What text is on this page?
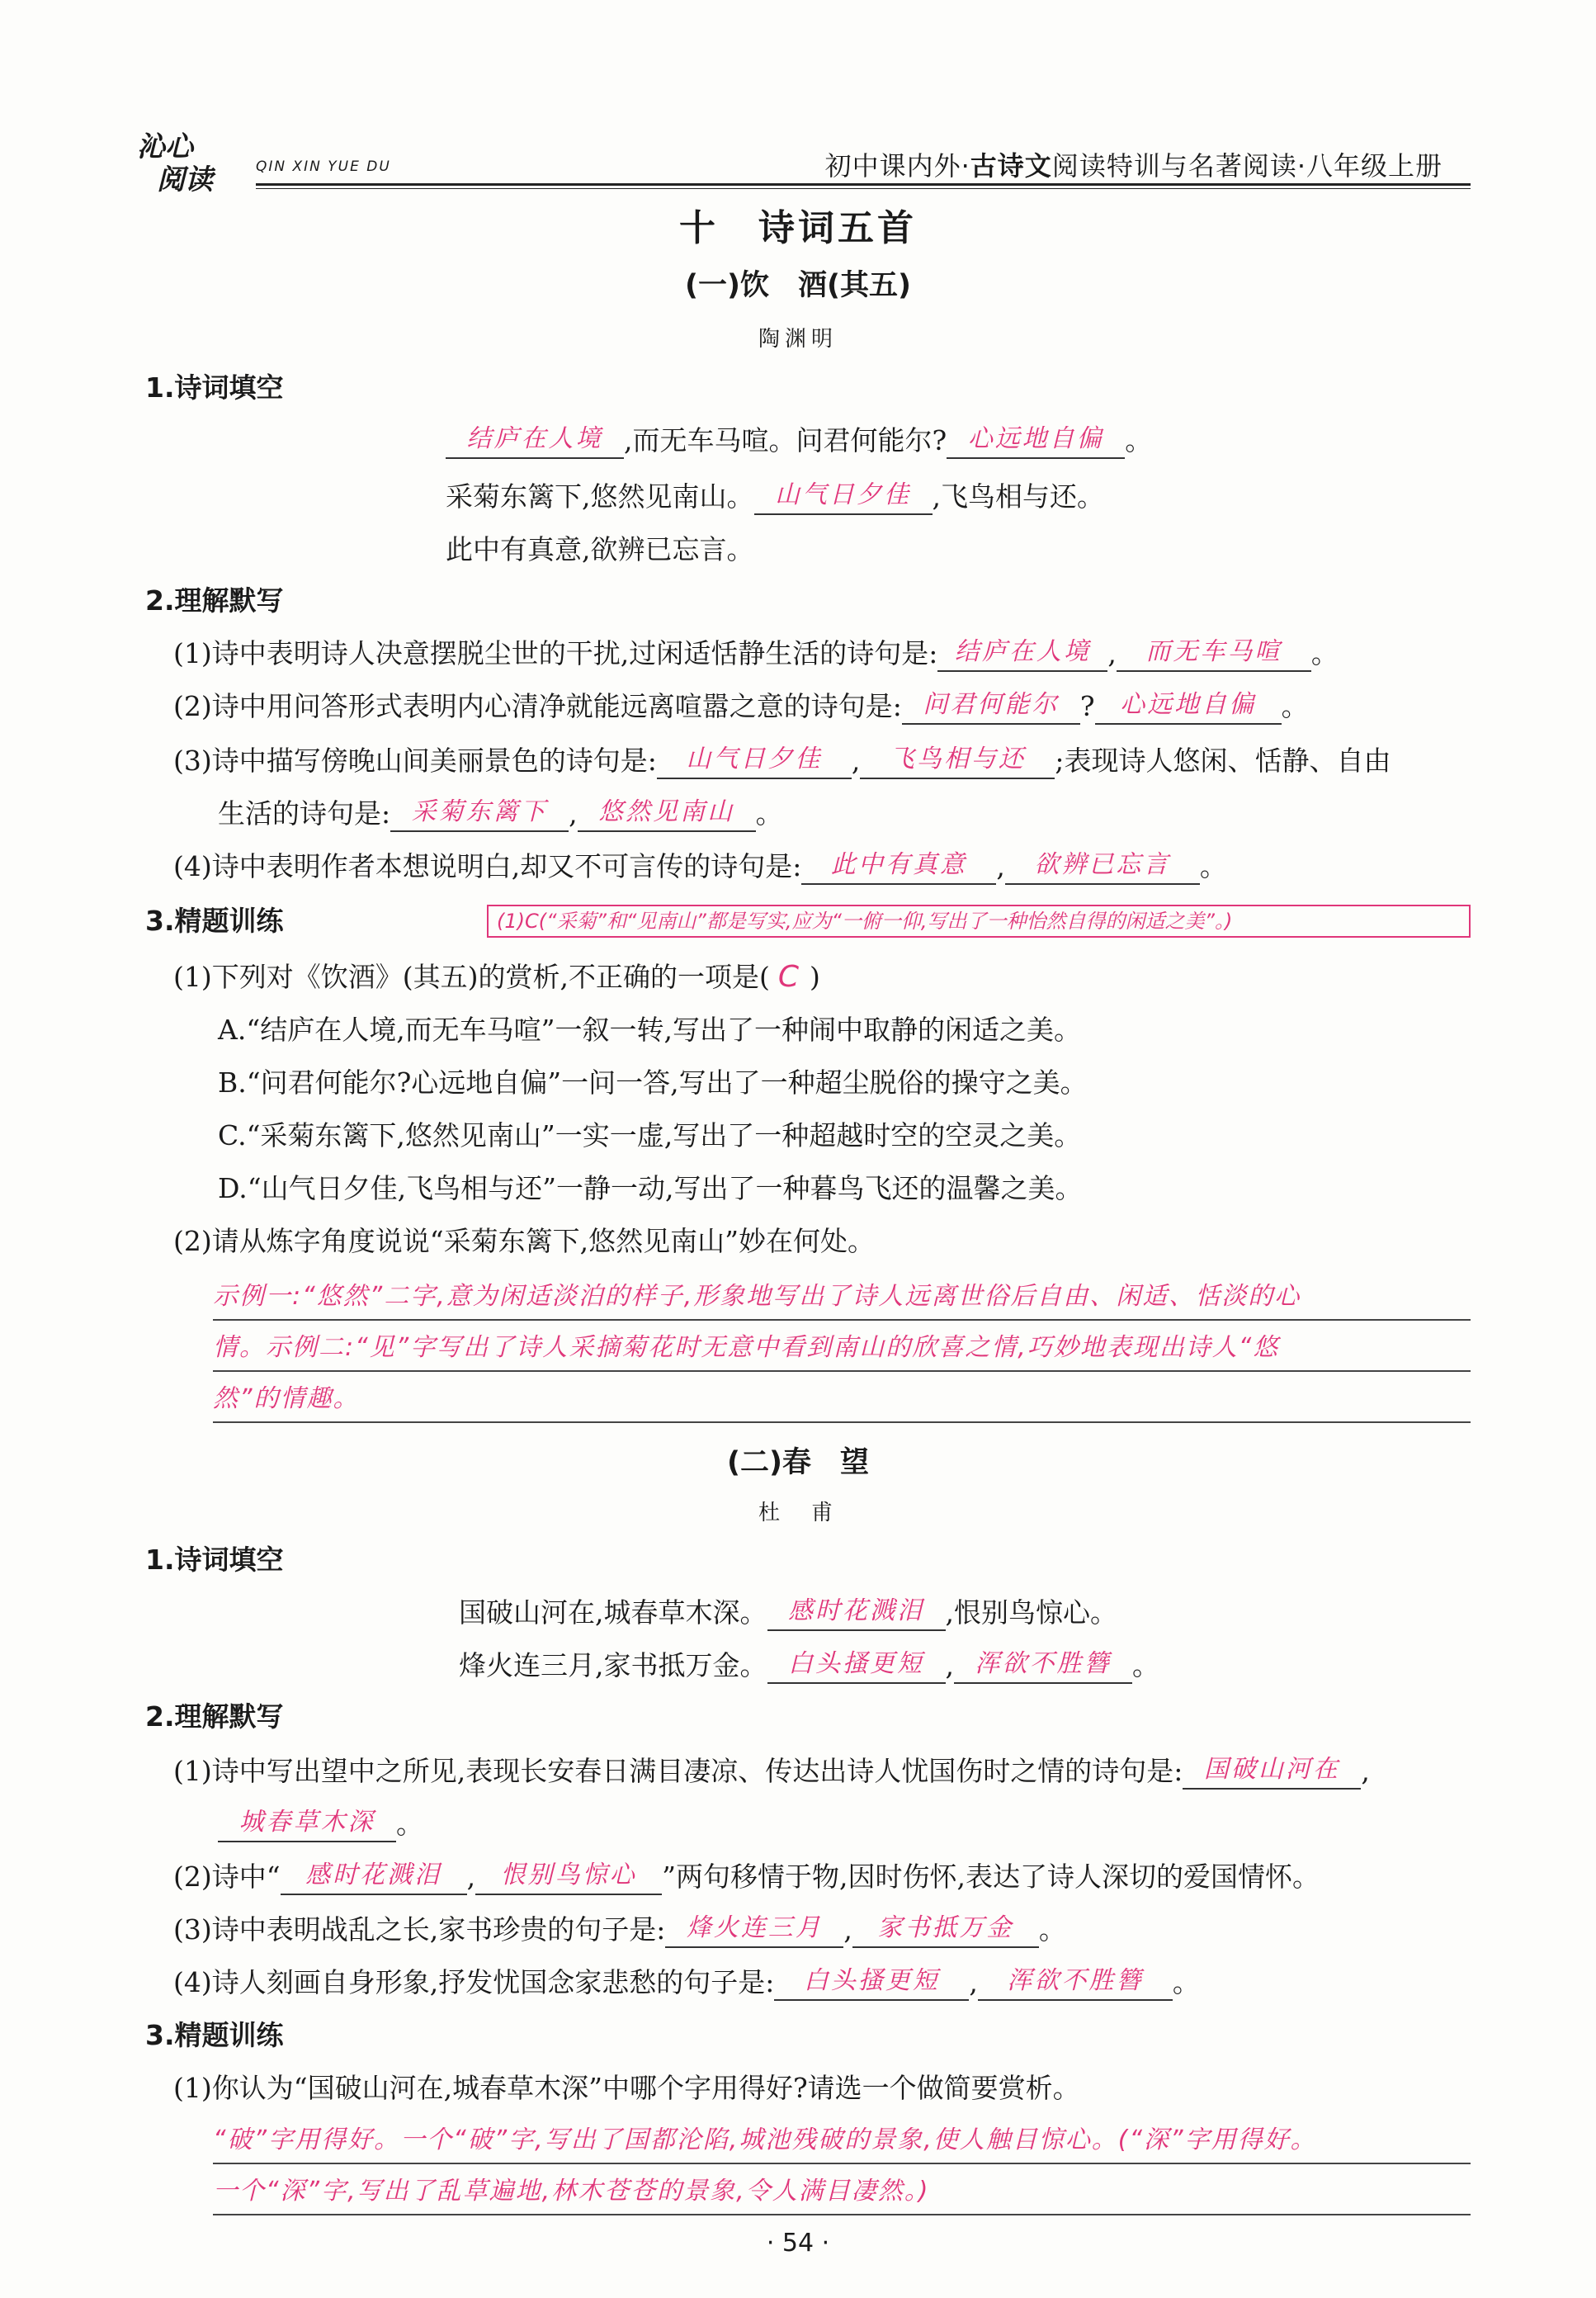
沁心
阅读	QIN XIN YUE DU	初中课内外·古诗文阅读特训与名著阅读·八年级上册
十　诗词五首
(一)饮　酒(其五)
陶渊明
1.诗词填空
结庐在人境 ,而无车马喧。问君何能尔? 心远地自偏 。
采菊东篱下,悠然见南山。 山气日夕佳 ,飞鸟相与还。
此中有真意,欲辨已忘言。
2.理解默写
(1)诗中表明诗人决意摆脱尘世的干扰,过闲适恬静生活的诗句是: 结庐在人境 , 而无车马喧 。
(2)诗中用问答形式表明内心清净就能远离喧嚣之意的诗句是: 问君何能尔 ? 心远地自偏 。
(3)诗中描写傍晚山间美丽景色的诗句是: 山气日夕佳 , 飞鸟相与还 ;表现诗人悠闲、恬静、自由
生活的诗句是: 采菊东篱下 , 悠然见南山 。
(4)诗中表明作者本想说明白,却又不可言传的诗句是: 此中有真意 , 欲辨已忘言 。
3.精题训练	(1)C(“采菊”和“见南山”都是写实,应为“一俯一仰,写出了一种怡然自得的闲适之美”。)
(1)下列对《饮酒》(其五)的赏析,不正确的一项是( C )
A.“结庐在人境,而无车马喧”一叙一转,写出了一种闹中取静的闲适之美。
B.“问君何能尔?心远地自偏”一问一答,写出了一种超尘脱俗的操守之美。
C.“采菊东篱下,悠然见南山”一实一虚,写出了一种超越时空的空灵之美。
D.“山气日夕佳,飞鸟相与还”一静一动,写出了一种暮鸟飞还的温馨之美。
(2)请从炼字角度说说“采菊东篱下,悠然见南山”妙在何处。
示例一:“悠然”二字,意为闲适淡泊的样子,形象地写出了诗人远离世俗后自由、闲适、恬淡的心
情。示例二:“见”字写出了诗人采摘菊花时无意中看到南山的欣喜之情,巧妙地表现出诗人“悠
然”的情趣。
(二)春　望
杜　甫
1.诗词填空
国破山河在,城春草木深。 感时花溅泪 ,恨别鸟惊心。
烽火连三月,家书抵万金。 白头搔更短 , 浑欲不胜簪 。
2.理解默写
(1)诗中写出望中之所见,表现长安春日满目凄凉、传达出诗人忧国伤时之情的诗句是: 国破山河在 ,
城春草木深 。
(2)诗中“ 感时花溅泪 , 恨别鸟惊心 ”两句移情于物,因时伤怀,表达了诗人深切的爱国情怀。
(3)诗中表明战乱之长,家书珍贵的句子是: 烽火连三月 , 家书抵万金 。
(4)诗人刻画自身形象,抒发忧国念家悲愁的句子是: 白头搔更短 , 浑欲不胜簪 。
3.精题训练
(1)你认为“国破山河在,城春草木深”中哪个字用得好?请选一个做简要赏析。
“破”字用得好。一个“破”字,写出了国都沦陷,城池残破的景象,使人触目惊心。(“深”字用得好。
一个“深”字,写出了乱草遍地,林木苍苍的景象,令人满目凄然。)
· 54 ·
